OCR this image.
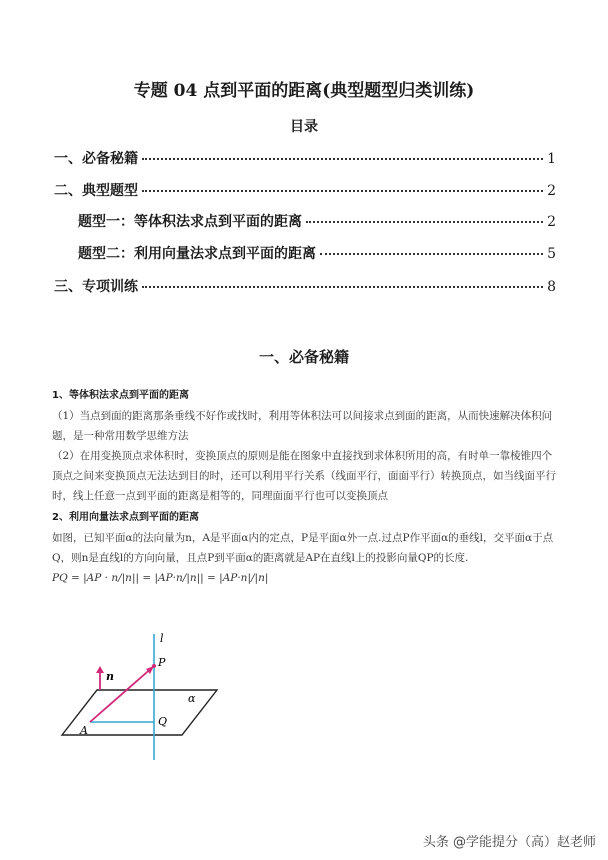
专题 04 点到平面的距离(典型题型归类训练)
目录
一、必备秘籍	1
二、典型题型	2
题型一：等体积法求点到平面的距离	2
题型二：利用向量法求点到平面的距离	5
三、专项训练	8
一、必备秘籍
1、等体积法求点到平面的距离
（1）当点到面的距离那条垂线不好作或找时，利用等体积法可以间接求点到面的距离，从而快速解决体积问题，是一种常用数学思维方法
（2）在用变换顶点求体积时，变换顶点的原则是能在图象中直接找到求体积所用的高，有时单一靠棱锥四个顶点之间来变换顶点无法达到目的时，还可以利用平行关系（线面平行，面面平行）转换顶点，如当线面平行时，线上任意一点到平面的距离是相等的，同理面面平行也可以变换顶点
2、利用向量法求点到平面的距离
如图，已知平面α的法向量为n，A是平面α内的定点，P是平面α外一点.过点P作平面α的垂线l，交平面α于点Q，则n是直线l的方向向量，且点P到平面α的距离就是AP在直线l上的投影向量QP的长度.
PQ = |AP · n/|n|| = |AP·n/|n|| = |AP·n|/|n|
l
P
n
α
Q
A
头条 @学能提分（高）赵老师
